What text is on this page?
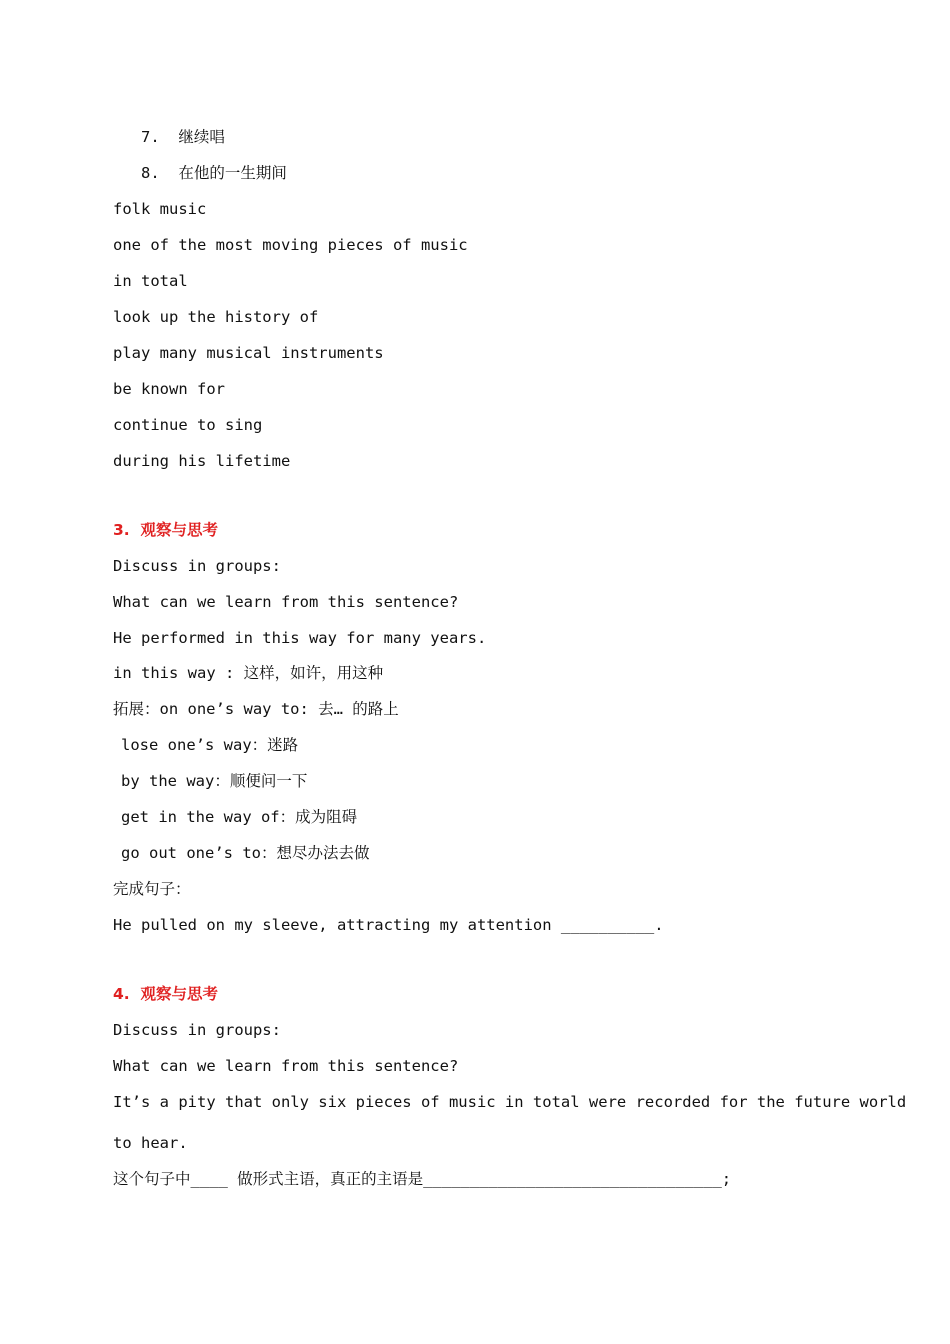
7.  继续唱
8.  在他的一生期间
folk music
one of the most moving pieces of music
in total
look up the history of
play many musical instruments
be known for
continue to sing
during his lifetime
3.  观察与思考
Discuss in groups:
What can we learn from this sentence?
He performed in this way for many years.
in this way : 这样，如许，用这种
拓展：on one’s way to: 去… 的路上
lose one’s way：迷路
by the way：顺便问一下
get in the way of：成为阻碍
go out one’s to：想尽办法去做
完成句子：
He pulled on my sleeve, attracting my attention __________.
4.  观察与思考
Discuss in groups:
What can we learn from this sentence?
It’s a pity that only six pieces of music in total were recorded for the future world
to hear.
这个句子中____ 做形式主语，真正的主语是________________________________;
